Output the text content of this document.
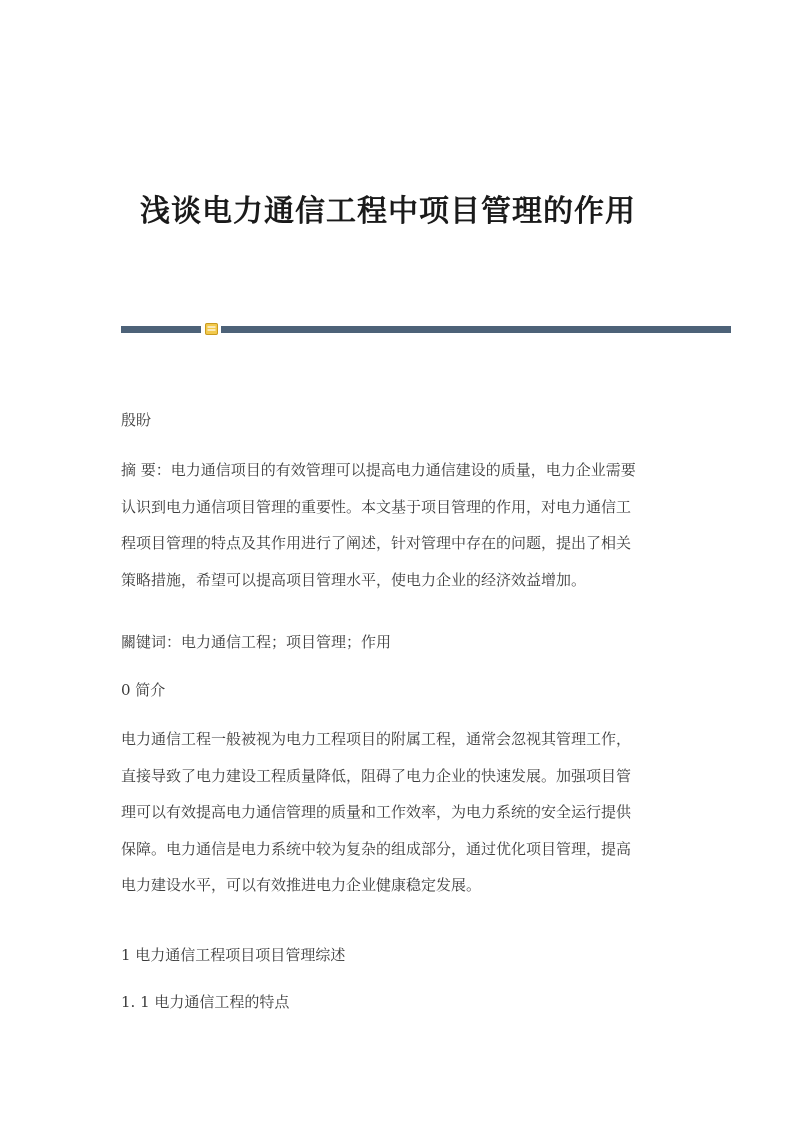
浅谈电力通信工程中项目管理的作用

殷盼

摘 要：电力通信项目的有效管理可以提高电力通信建设的质量，电力企业需要
认识到电力通信项目管理的重要性。本文基于项目管理的作用，对电力通信工
程项目管理的特点及其作用进行了阐述，针对管理中存在的问题，提出了相关
策略措施，希望可以提高项目管理水平，使电力企业的经济效益增加。

關键词：电力通信工程；项目管理；作用

0 简介

电力通信工程一般被视为电力工程项目的附属工程，通常会忽视其管理工作，
直接导致了电力建设工程质量降低，阻碍了电力企业的快速发展。加强项目管
理可以有效提高电力通信管理的质量和工作效率，为电力系统的安全运行提供
保障。电力通信是电力系统中较为复杂的组成部分，通过优化项目管理，提高
电力建设水平，可以有效推进电力企业健康稳定发展。

1 电力通信工程项目项目管理综述

1. 1 电力通信工程的特点
